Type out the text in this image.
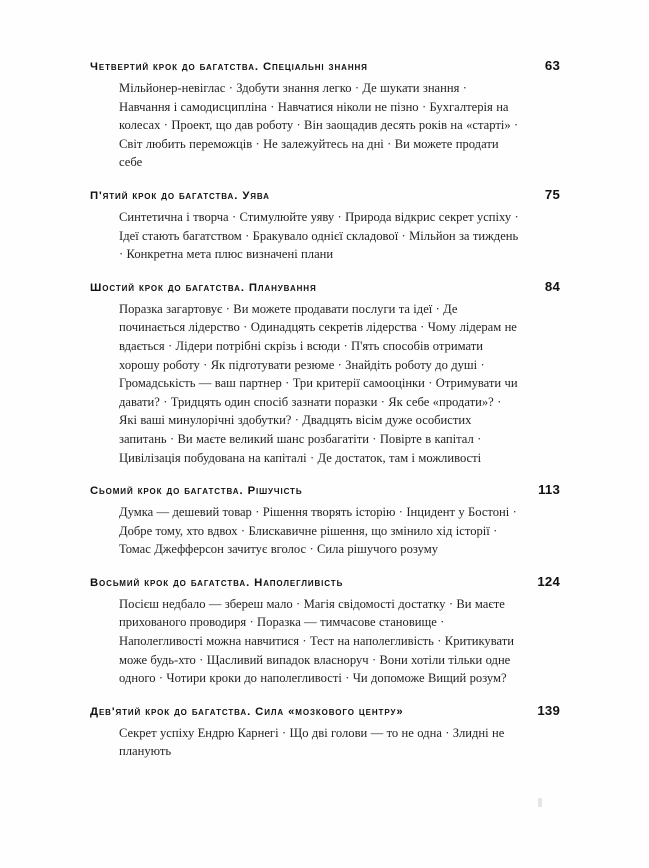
Четвертий крок до багатства. Спеціальні знання .....	63

Мільйонер-невіглас · Здобути знання легко · Де шукати знання · Навчання і самодисципліна · Навчатися ніколи не пізно · Бухгалтерія на колесах · Проект, що дав роботу · Він заощадив десять років на «старті» · Світ любить переможців · Не залежуйтесь на дні · Ви можете продати себе

П'ятий крок до багатства. Уява .....	75

Синтетична і творча · Стимулюйте уяву · Природа відкрис секрет успіху · Ідеї стають багатством · Бракувало однієї складової · Мільйон за тиждень · Конкретна мета плюс визначені плани

Шостий крок до багатства. Планування .....	84

Поразка загартовує · Ви можете продавати послуги та ідеї · Де починається лідерство · Одинадцять секретів лідерства · Чому лідерам не вдається · Лідери потрібні скрізь і всюди · П'ять способів отримати хорошу роботу · Як підготувати резюме · Знайдіть роботу до душі · Громадськість — ваш партнер · Три критерії самооцінки · Отримувати чи давати? · Тридцять один спосіб зазнати поразки · Як себе «продати»? · Які ваші минулорічні здобутки? · Двадцять вісім дуже особистих запитань · Ви маєте великий шанс розбагатіти · Повірте в капітал · Цивілізація побудована на капіталі · Де достаток, там і можливості

Сьомий крок до багатства. Рішучість .....	113

Думка — дешевий товар · Рішення творять історію · Інцидент у Бостоні · Добре тому, хто вдвох · Блискавичне рішення, що змінило хід історії · Томас Джефферсон зачитує вголос · Сила рішучого розуму

Восьмий крок до багатства. Наполегливість .....	124

Посієш недбало — збереш мало · Магія свідомості достатку · Ви маєте прихованого проводиря · Поразка — тимчасове становище · Наполегливості можна навчитися · Тест на наполегливість · Критикувати може будь-хто · Щасливий випадок власноруч · Вони хотіли тільки одне одного · Чотири кроки до наполегливості · Чи допоможе Вищий розум?

Дев'ятий крок до багатства. Сила «мозкового центру» .....	139

Секрет успіху Ендрю Карнегі · Що дві голови — то не одна · Злидні не планують
